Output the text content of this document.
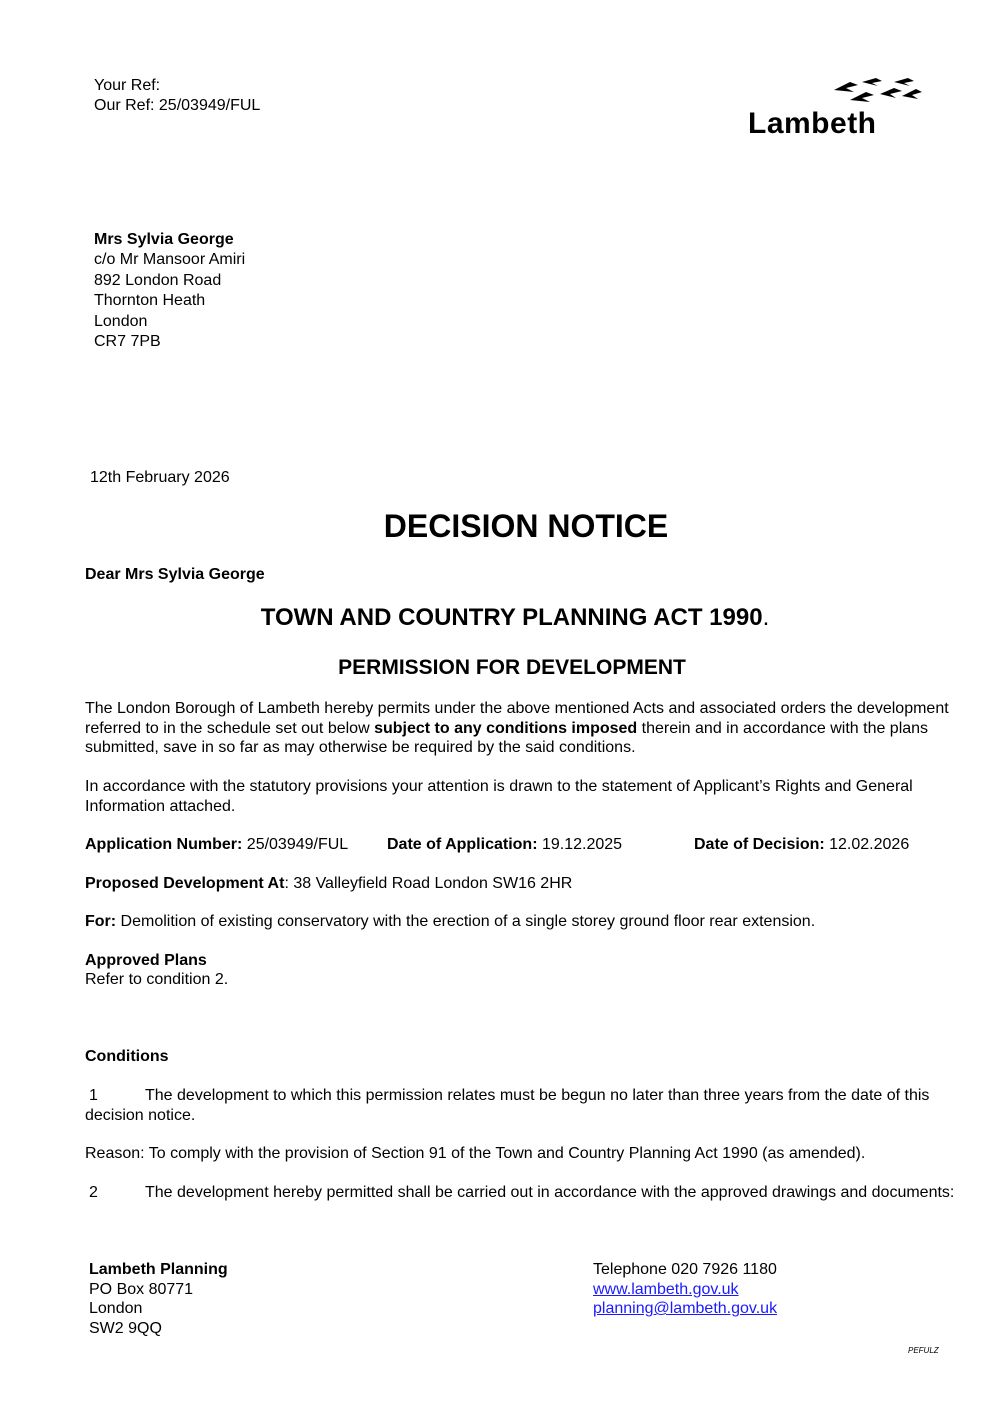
Your Ref:
Our Ref: 25/03949/FUL
Lambeth
Mrs Sylvia George
c/o Mr Mansoor Amiri
892 London Road
Thornton Heath
London
CR7 7PB
12th February 2026
DECISION NOTICE
Dear Mrs Sylvia George
TOWN AND COUNTRY PLANNING ACT 1990.
PERMISSION FOR DEVELOPMENT
The London Borough of Lambeth hereby permits under the above mentioned Acts and associated orders the development referred to in the schedule set out below subject to any conditions imposed therein and in accordance with the plans submitted, save in so far as may otherwise be required by the said conditions.
In accordance with the statutory provisions your attention is drawn to the statement of Applicant’s Rights and General Information attached.
Application Number: 25/03949/FUL Date of Application: 19.12.2025	Date of Decision: 12.02.2026
Proposed Development At: 38 Valleyfield Road London SW16 2HR
For: Demolition of existing conservatory with the erection of a single storey ground floor rear extension.
Approved Plans
Refer to condition 2.
Conditions
1	The development to which this permission relates must be begun no later than three years from the date of this decision notice.
Reason: To comply with the provision of Section 91 of the Town and Country Planning Act 1990 (as amended).
2	The development hereby permitted shall be carried out in accordance with the approved drawings and documents:
Lambeth Planning
PO Box 80771
London
SW2 9QQ
Telephone 020 7926 1180
www.lambeth.gov.uk
planning@lambeth.gov.uk
PEFULZ
